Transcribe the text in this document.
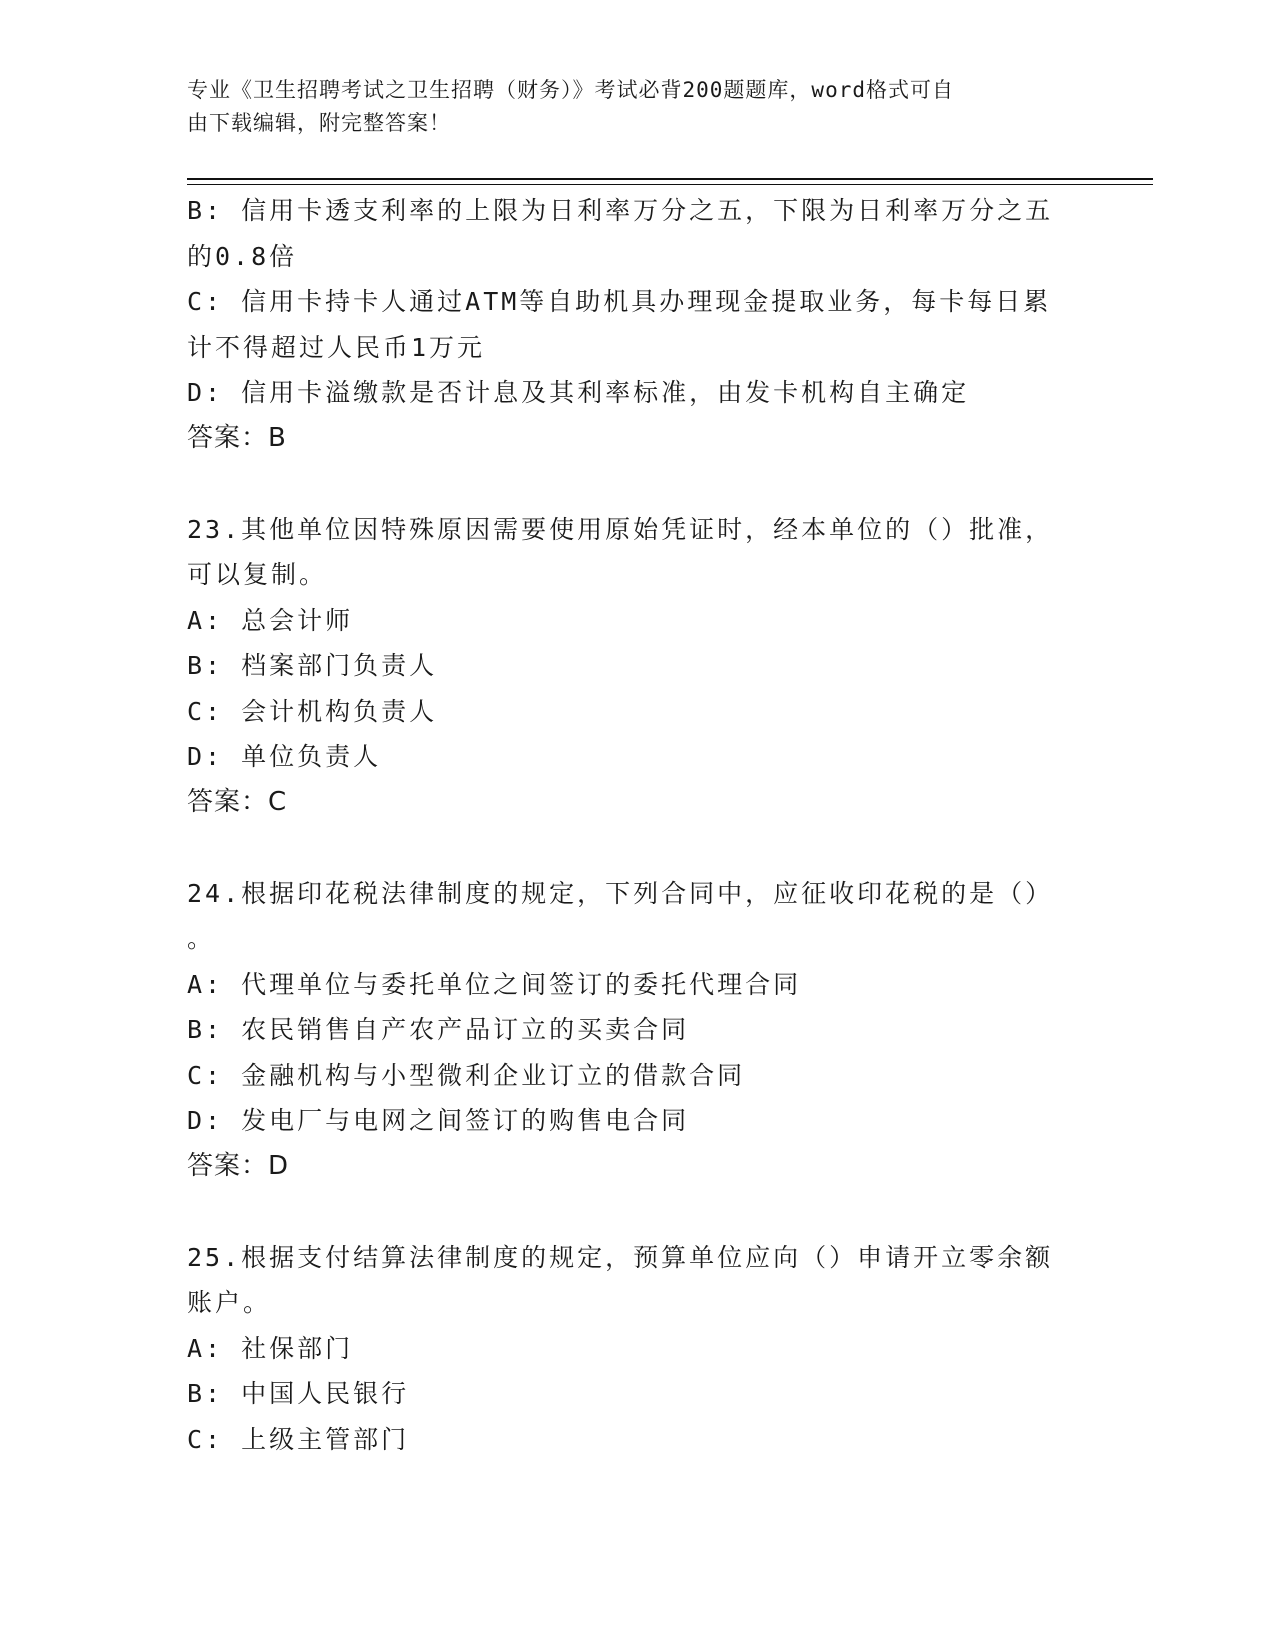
专业《卫生招聘考试之卫生招聘（财务）》考试必背200题题库，word格式可自
由下载编辑，附完整答案！
B: 信用卡透支利率的上限为日利率万分之五，下限为日利率万分之五
的0.8倍
C: 信用卡持卡人通过ATM等自助机具办理现金提取业务，每卡每日累
计不得超过人民币1万元
D: 信用卡溢缴款是否计息及其利率标准，由发卡机构自主确定
答案：B
23.其他单位因特殊原因需要使用原始凭证时，经本单位的（）批准，
可以复制。
A: 总会计师
B: 档案部门负责人
C: 会计机构负责人
D: 单位负责人
答案：C
24.根据印花税法律制度的规定，下列合同中，应征收印花税的是（）
。
A: 代理单位与委托单位之间签订的委托代理合同
B: 农民销售自产农产品订立的买卖合同
C: 金融机构与小型微利企业订立的借款合同
D: 发电厂与电网之间签订的购售电合同
答案：D
25.根据支付结算法律制度的规定，预算单位应向（）申请开立零余额
账户。
A: 社保部门
B: 中国人民银行
C: 上级主管部门
